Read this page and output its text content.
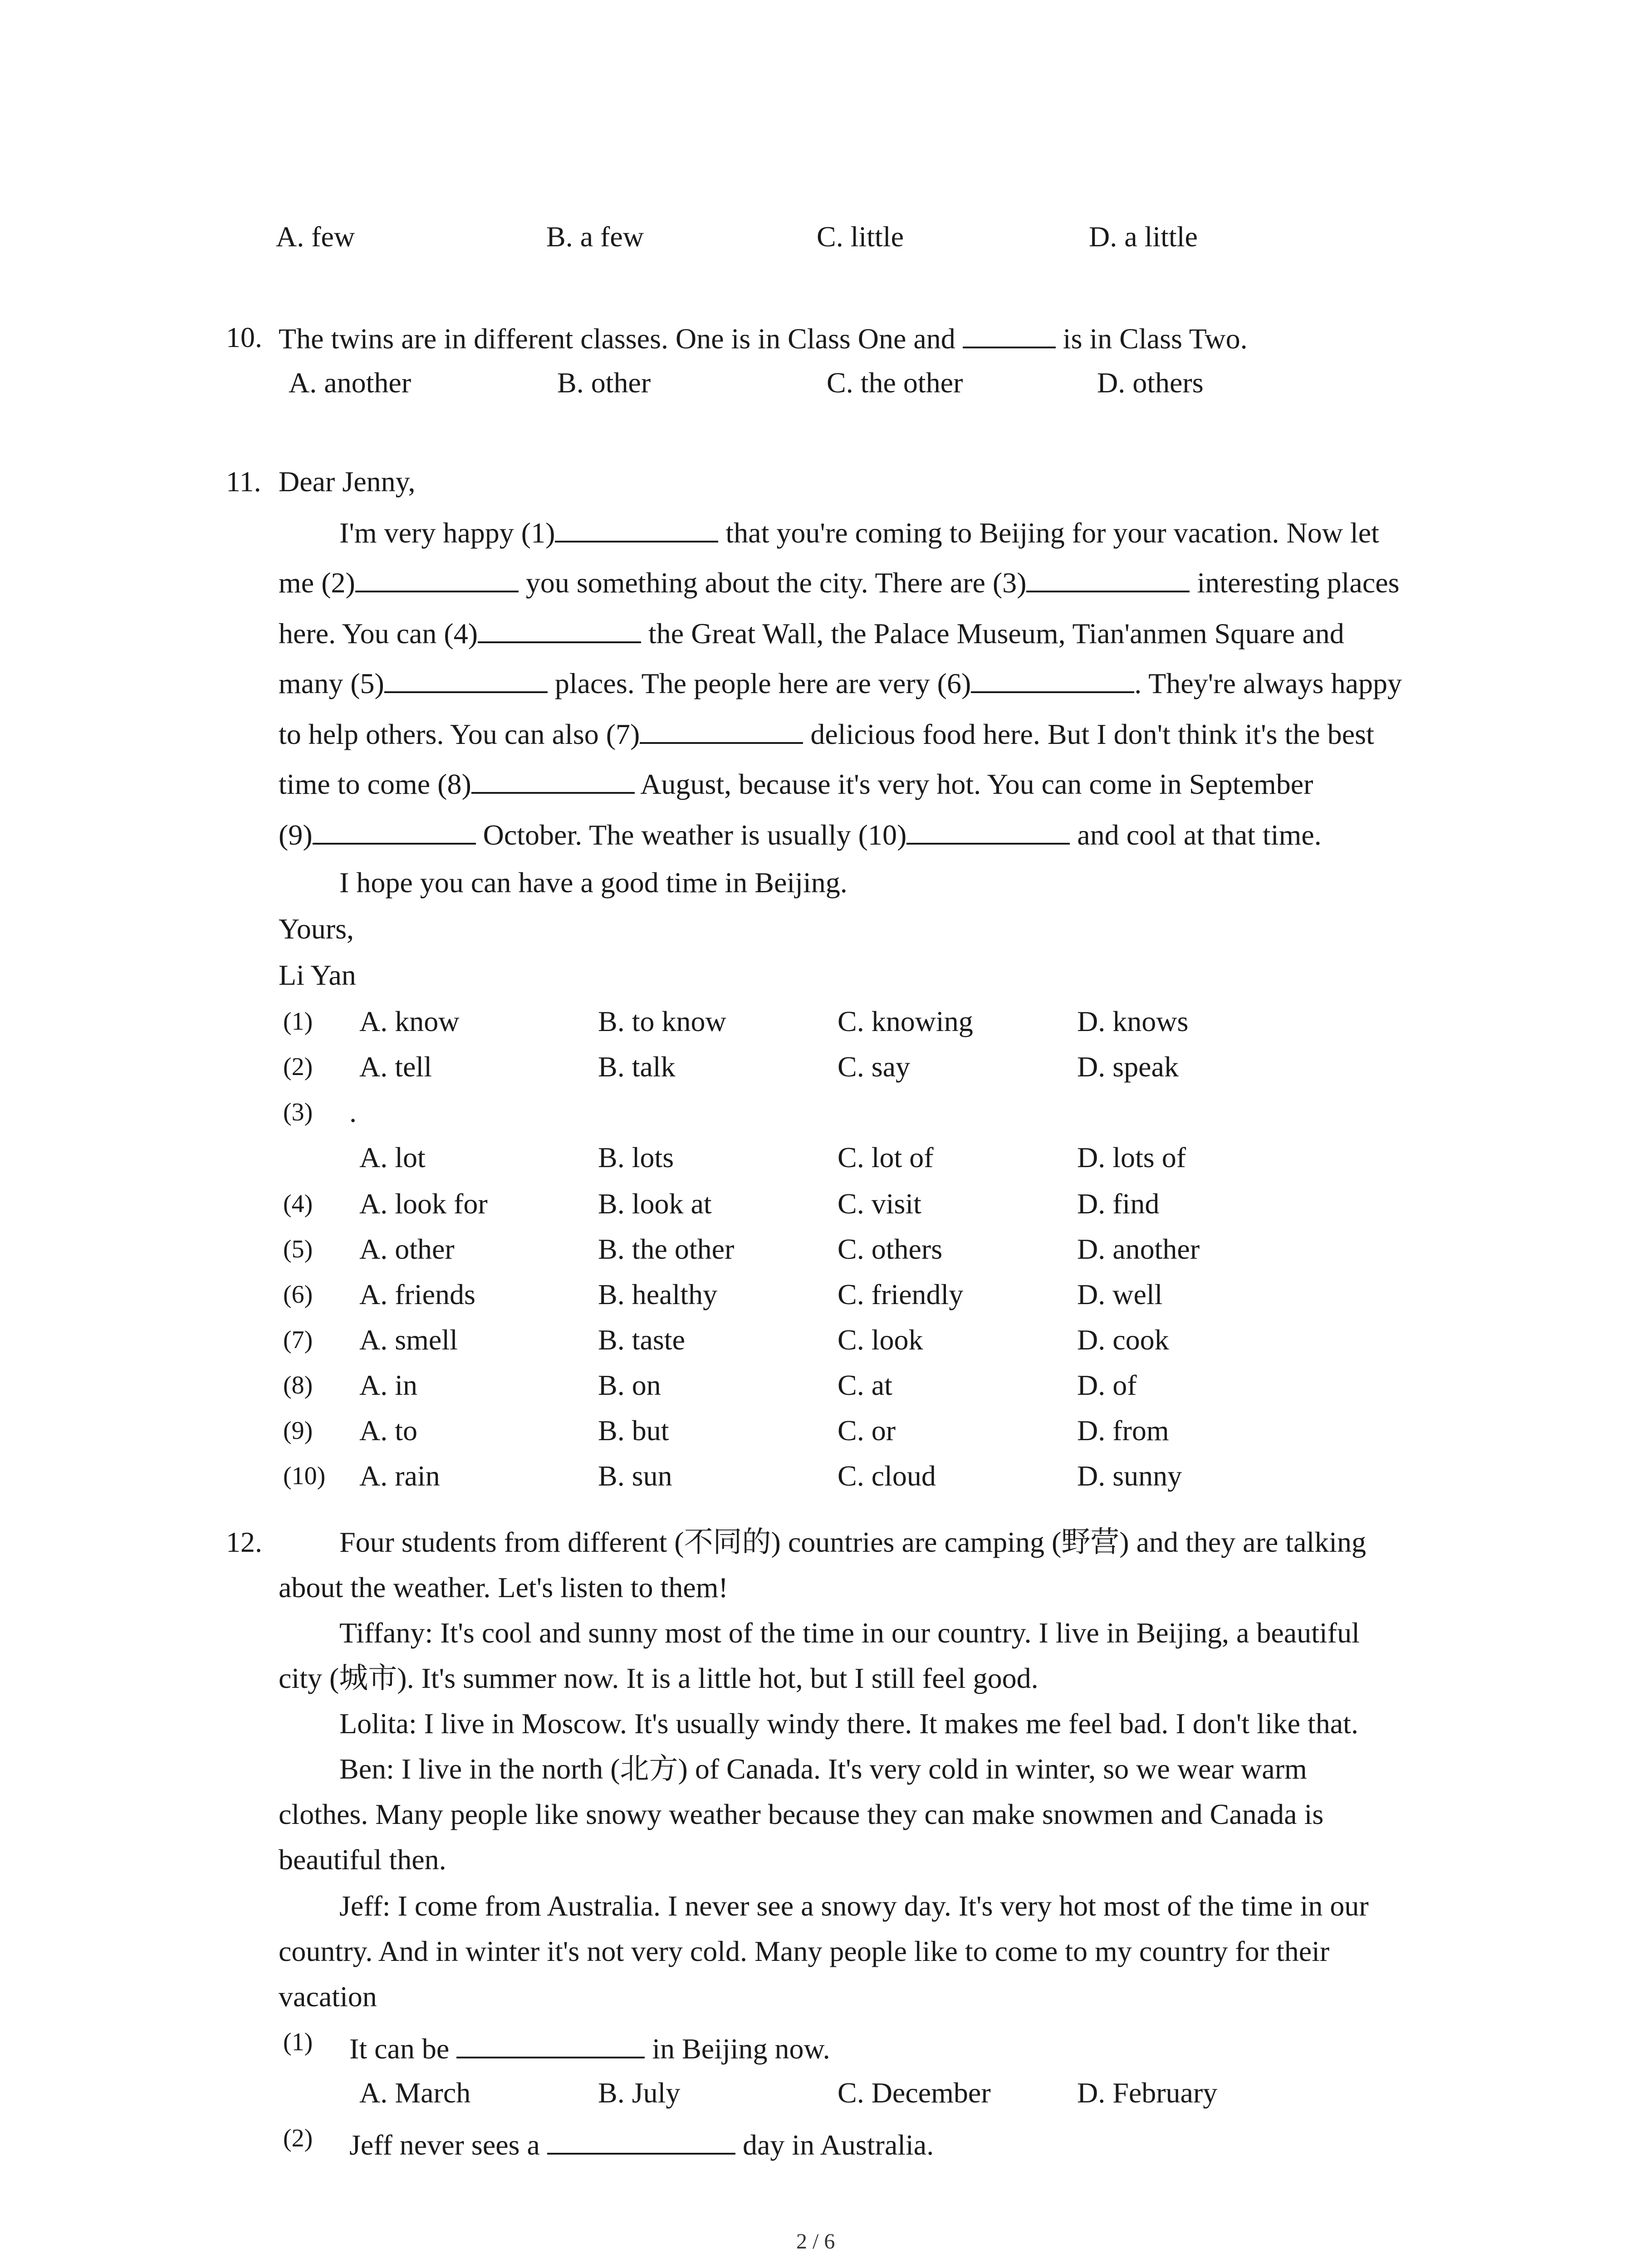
A. few	B. a few	C. little	D. a little
10. The twins are in different classes. One is in Class One and	is in Class Two.
A. another	B. other	C. the other	D. others
11. Dear Jenny,
I'm very happy (1)	that you're coming to Beijing for your vacation. Now let
me (2)	you something about the city. There are (3)	interesting places
here. You can (4)	the Great Wall, the Palace Museum, Tian'anmen Square and
many (5)	places. The people here are very (6)	. They're always happy
to help others. You can also (7)	delicious food here. But I don't think it's the best
time to come (8)	August, because it's very hot. You can come in September
(9)	October. The weather is usually (10)	and cool at that time.
I hope you can have a good time in Beijing.
Yours,
Li Yan
(1) A. know	B. to know	C. knowing	D. knows
(2) A. tell	B. talk	C. say	D. speak
(3) .
A. lot	B. lots	C. lot of	D. lots of
(4) A. look for	B. look at	C. visit	D. find
(5) A. other	B. the other	C. others	D. another
(6) A. friends	B. healthy	C. friendly	D. well
(7) A. smell	B. taste	C. look	D. cook
(8) A. in	B. on	C. at	D. of
(9) A. to	B. but	C. or	D. from
(10) A. rain	B. sun	C. cloud	D. sunny
12.	Four students from different (不同的) countries are camping (野营) and they are talking
about the weather. Let's listen to them!
Tiffany: It's cool and sunny most of the time in our country. I live in Beijing, a beautiful
city (城市). It's summer now. It is a little hot, but I still feel good.
Lolita: I live in Moscow. It's usually windy there. It makes me feel bad. I don't like that.
Ben: I live in the north (北方) of Canada. It's very cold in winter, so we wear warm
clothes. Many people like snowy weather because they can make snowmen and Canada is
beautiful then.
Jeff: I come from Australia. I never see a snowy day. It's very hot most of the time in our
country. And in winter it's not very cold. Many people like to come to my country for their
vacation
(1) It can be	in Beijing now.
A. March	B. July	C. December	D. February
(2) Jeff never sees a	day in Australia.
2 / 6
